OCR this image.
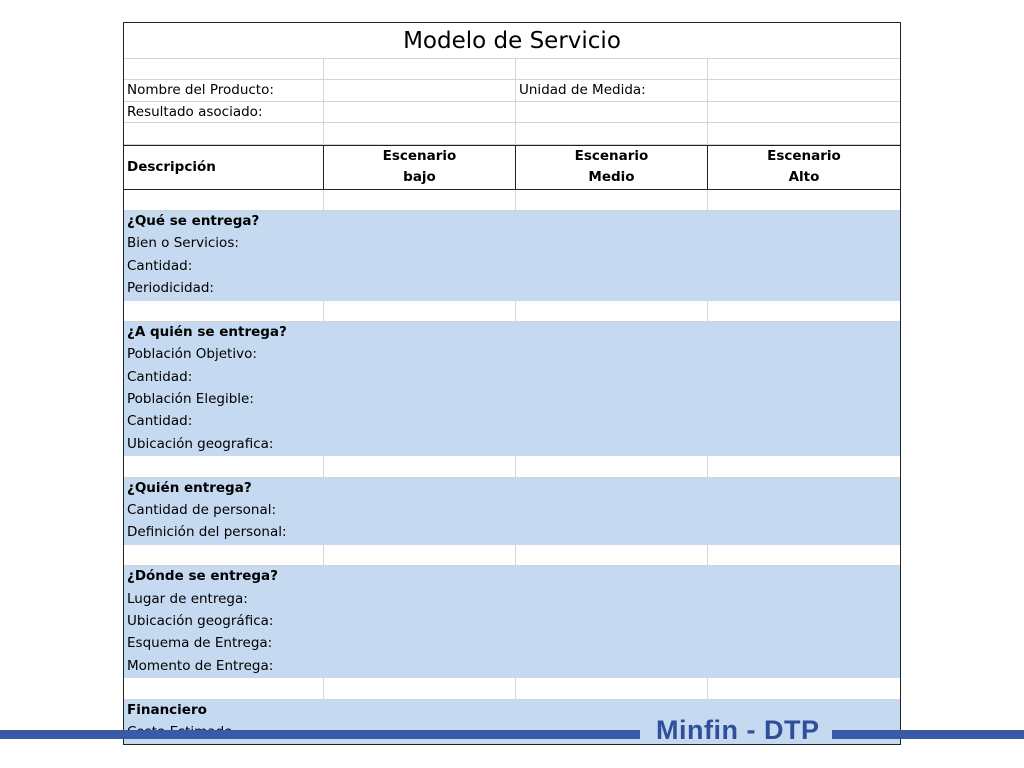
Modelo de Servicio
Nombre del Producto:	Unidad de Medida:
Resultado asociado:
Descripción
Escenario
bajo
Escenario
Medio
Escenario
Alto
¿Qué se entrega?
Bien o Servicios:
Cantidad:
Periodicidad:
¿A quién se entrega?
Población Objetivo:
Cantidad:
Población Elegible:
Cantidad:
Ubicación geografica:
¿Quién entrega?
Cantidad de personal:
Definición del personal:
¿Dónde se entrega?
Lugar de entrega:
Ubicación geográfica:
Esquema de Entrega:
Momento de Entrega:
Financiero
Minfin - DTP
